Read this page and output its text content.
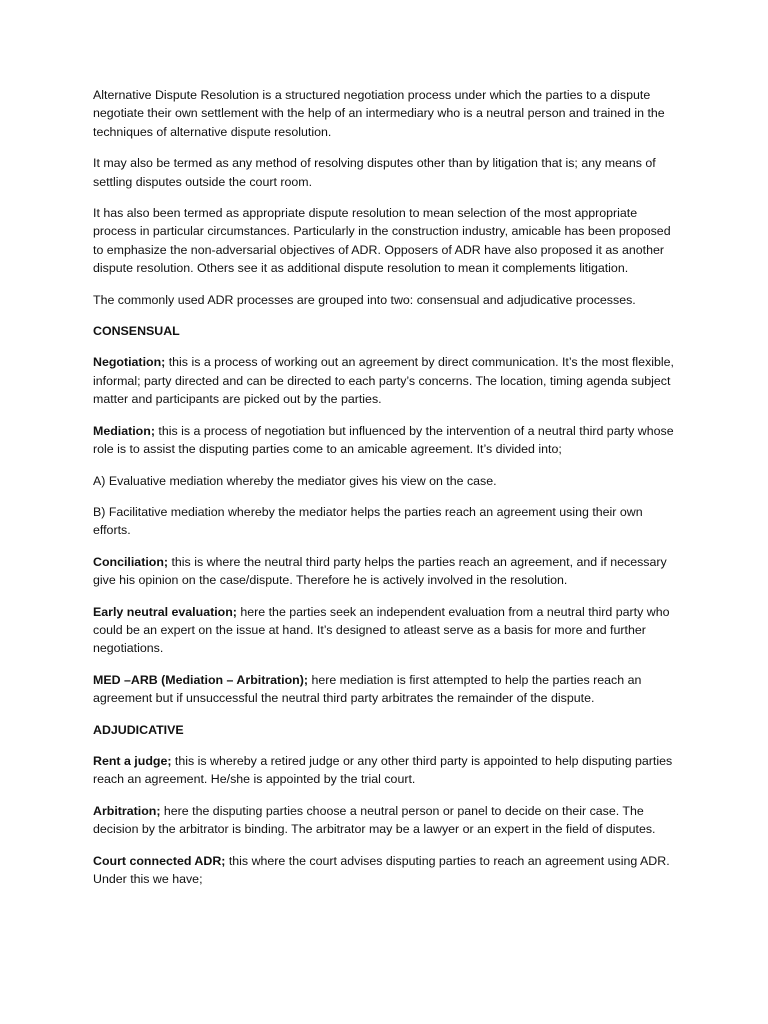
Alternative Dispute Resolution is a structured negotiation process under which the parties to a dispute negotiate their own settlement with the help of an intermediary who is a neutral person and trained in the techniques of alternative dispute resolution.

It may also be termed as any method of resolving disputes other than by litigation that is; any means of settling disputes outside the court room.

It has also been termed as appropriate dispute resolution to mean selection of the most appropriate process in particular circumstances. Particularly in the construction industry, amicable has been proposed to emphasize the non-adversarial objectives of ADR. Opposers of ADR have also proposed it as another dispute resolution. Others see it as additional dispute resolution to mean it complements litigation.

The commonly used ADR processes are grouped into two: consensual and adjudicative processes.

CONSENSUAL

Negotiation; this is a process of working out an agreement by direct communication. It’s the most flexible, informal; party directed and can be directed to each party’s concerns. The location, timing agenda subject matter and participants are picked out by the parties.

Mediation; this is a process of negotiation but influenced by the intervention of a neutral third party whose role is to assist the disputing parties come to an amicable agreement. It’s divided into;

A) Evaluative mediation whereby the mediator gives his view on the case.

B) Facilitative mediation whereby the mediator helps the parties reach an agreement using their own efforts.

Conciliation; this is where the neutral third party helps the parties reach an agreement, and if necessary give his opinion on the case/dispute. Therefore he is actively involved in the resolution.

Early neutral evaluation; here the parties seek an independent evaluation from a neutral third party who could be an expert on the issue at hand. It’s designed to atleast serve as a basis for more and further negotiations.

MED –ARB (Mediation – Arbitration); here mediation is first attempted to help the parties reach an agreement but if unsuccessful the neutral third party arbitrates the remainder of the dispute.

ADJUDICATIVE

Rent a judge; this is whereby a retired judge or any other third party is appointed to help disputing parties reach an agreement. He/she is appointed by the trial court.

Arbitration; here the disputing parties choose a neutral person or panel to decide on their case. The decision by the arbitrator is binding. The arbitrator may be a lawyer or an expert in the field of disputes.

Court connected ADR; this where the court advises disputing parties to reach an agreement using ADR. Under this we have;
